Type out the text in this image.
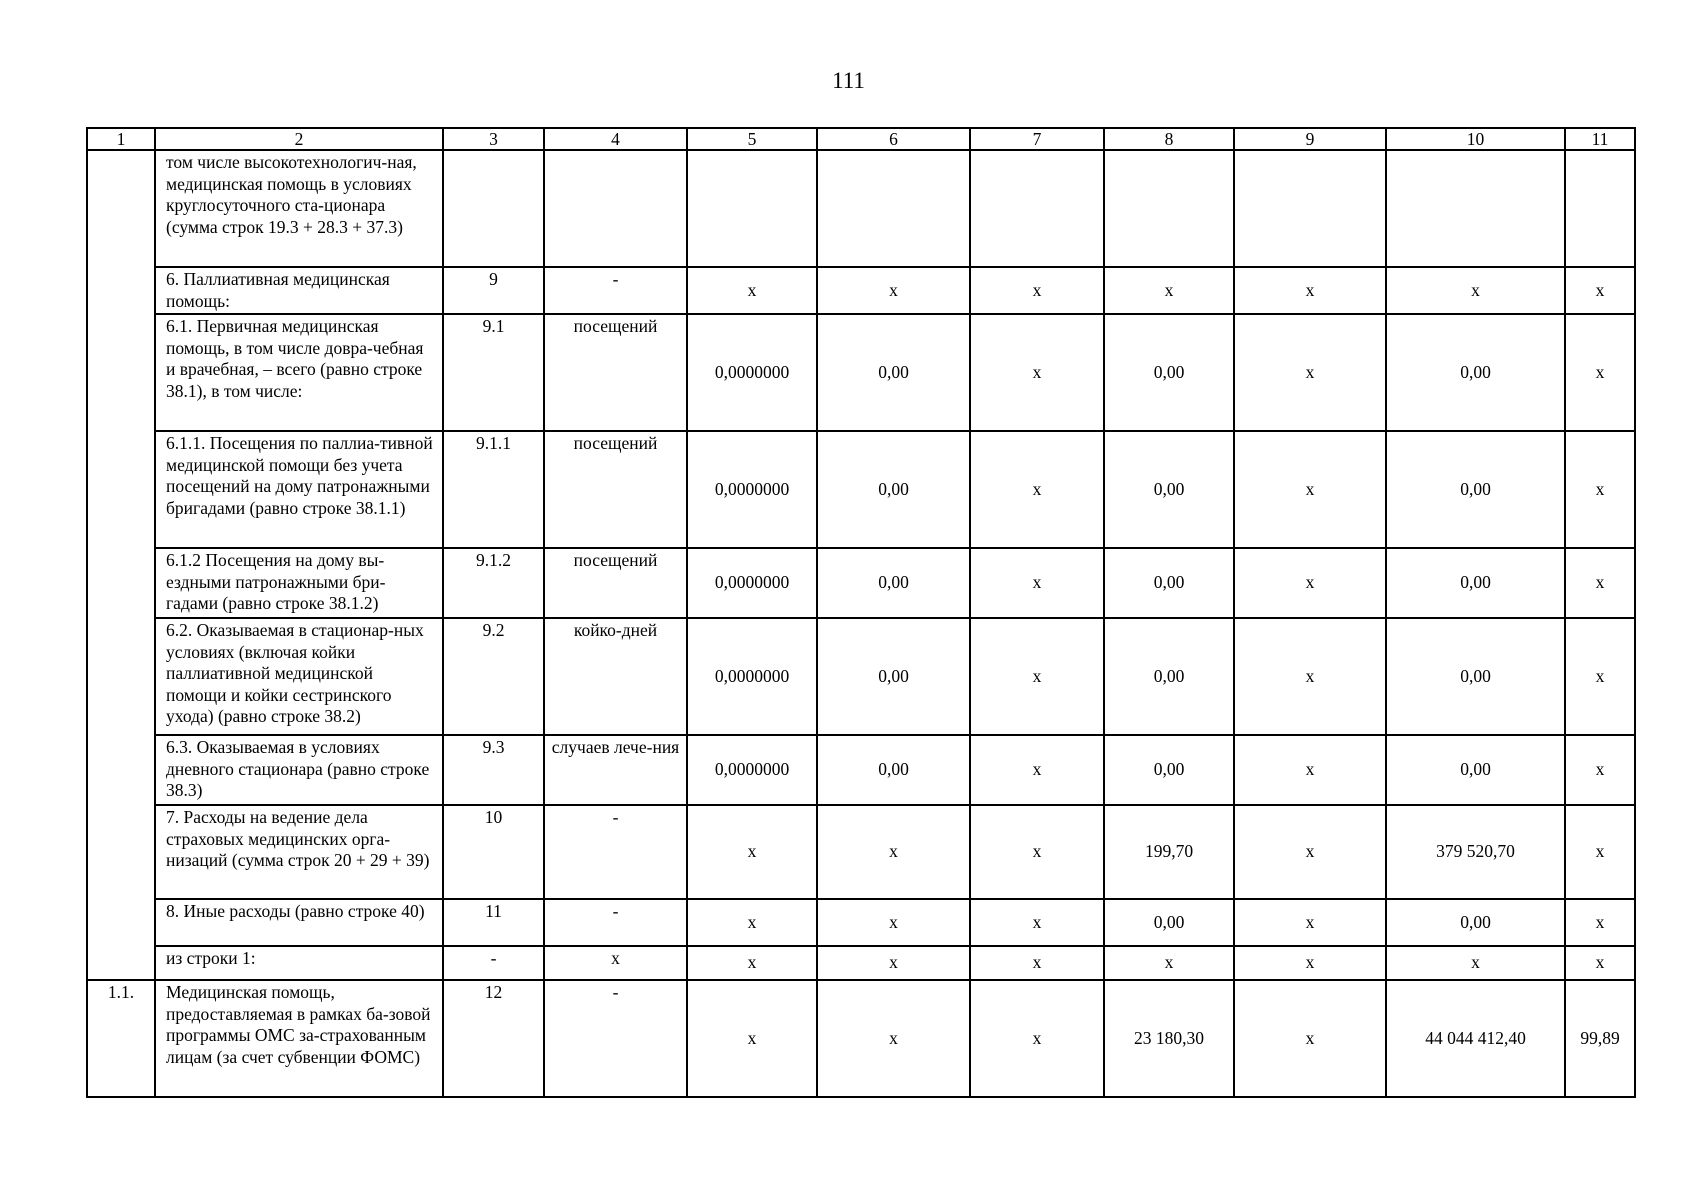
111
1	2	3	4	5	6	7	8	9	10	11
	том числе высокотехнологич-ная, медицинская помощь в условиях круглосуточного ста-ционара (сумма строк 19.3 + 28.3 + 37.3)									
	6. Паллиативная медицинская помощь:	9	-	х	х	х	х	х	х	х
	6.1. Первичная медицинская помощь, в том числе довра-чебная и врачебная, – всего (равно строке 38.1), в том числе:	9.1	посещений	0,0000000	0,00	х	0,00	х	0,00	х
	6.1.1. Посещения по паллиа-тивной медицинской помощи без учета посещений на дому патронажными бригадами (равно строке 38.1.1)	9.1.1	посещений	0,0000000	0,00	х	0,00	х	0,00	х
	6.1.2 Посещения на дому вы-ездными патронажными бри-гадами (равно строке 38.1.2)	9.1.2	посещений	0,0000000	0,00	х	0,00	х	0,00	х
	6.2. Оказываемая в стационар-ных условиях (включая койки паллиативной медицинской помощи и койки сестринского ухода) (равно строке 38.2)	9.2	койко-дней	0,0000000	0,00	х	0,00	х	0,00	х
	6.3. Оказываемая в условиях дневного стационара (равно строке 38.3)	9.3	случаев лече-ния	0,0000000	0,00	х	0,00	х	0,00	х
	7. Расходы на ведение дела страховых медицинских орга-низаций (сумма строк 20 + 29 + 39)	10	-	х	х	х	199,70	х	379 520,70	х
	8. Иные расходы (равно строке 40)	11	-	х	х	х	0,00	х	0,00	х
	из строки 1:	-	х	х	х	х	х	х	х	х
1.1.	Медицинская помощь, предоставляемая в рамках ба-зовой программы ОМС за-страхованным лицам (за счет субвенции ФОМС)	12	-	х	х	х	23 180,30	х	44 044 412,40	99,89
